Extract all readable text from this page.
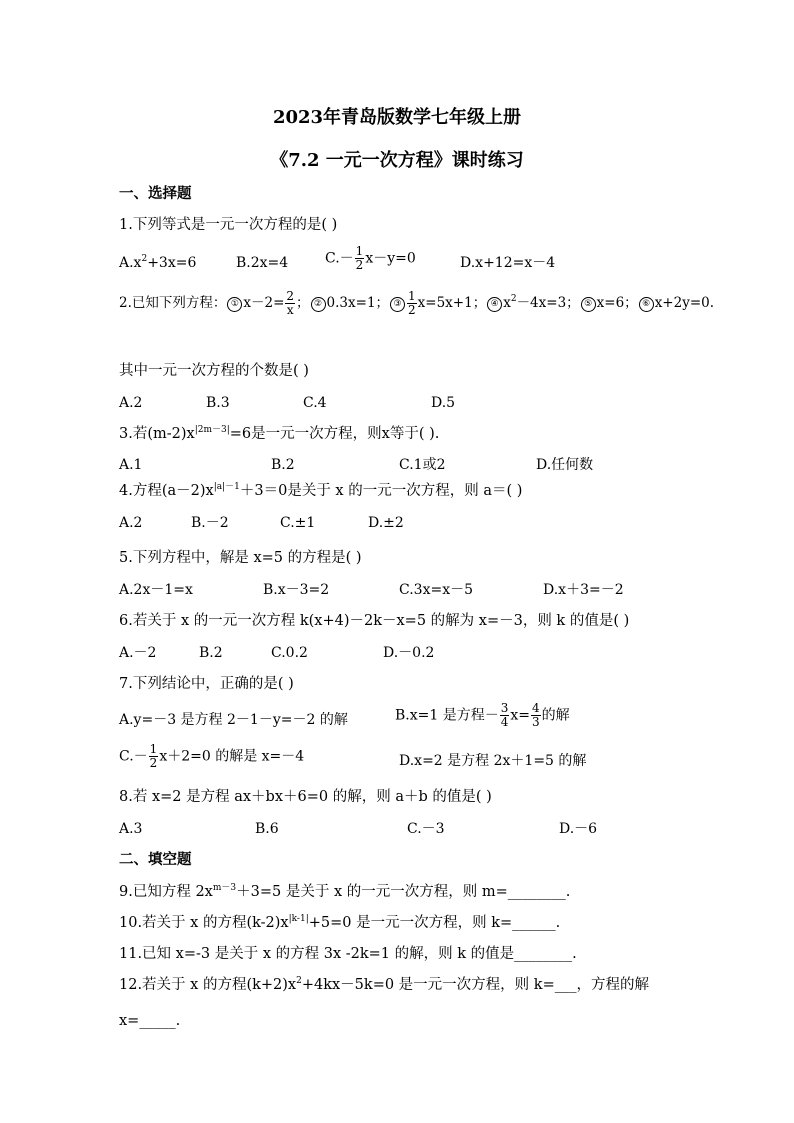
2023年青岛版数学七年级上册
《7.2 一元一次方程》课时练习
一、选择题
1.下列等式是一元一次方程的是( )
$A.x^2+3x=6$	B.2x=4	$C.- \frac{1}{2} x-y=0$	D.x+12=x－4
2.已知下列方程： ① $x-2= \frac{2}{x}$ ； ② 0.3x=1； ③ $\frac{1}{2} x=5x+1$； ④ $x^2-4x=3$； ⑤ x=6； ⑥ x+2y=0.
其中一元一次方程的个数是( )
A.2	B.3	C.4	D.5
3.若$(m-2)x^{|2m-3|}=6$是一元一次方程，则x等于( ).
A.1	B.2	C.1或2	D.任何数
4.方程$(a-2)x^{|a|-1}+3=0$是关于 x 的一元一次方程，则 a＝( )
A.2	B.－2	C.±1	D.±2
5.下列方程中，解是 x=5 的方程是( )
A.2x－1=x	B.x－3=2	C.3x=x－5	D.x＋3=－2
6.若关于 x 的一元一次方程 k(x+4)－2k－x=5 的解为 x=－3，则 k 的值是( )
A.－2	B.2	C.0.2	D.－0.2
7.下列结论中，正确的是( )
A.y=－3 是方程 2－1－y=－2 的解	B.x=1 是方程－ $\frac{3}{4} x= \frac{4}{3}$ 的解
$C.- \frac{1}{2} x+2=0$ 的解是 x=－4	D.x=2 是方程 2x＋1=5 的解
8.若 x=2 是方程 ax＋bx＋6=0 的解，则 a＋b 的值是( )
A.3	B.6	C.－3	D.－6
二、填空题
9.已知方程 $2x^{m-3}+3=5$ 是关于 x 的一元一次方程，则 m=________.
10.若关于 x 的方程$(k-2)x^{|k-1|}+5=0$ 是一元一次方程，则 k=______.
11.已知 x=-3 是关于 x 的方程 3x -2k=1 的解，则 k 的值是________.
12.若关于 x 的方程$(k+2)x^2+4kx-5k=0$ 是一元一次方程，则 k=___，方程的解
x=_____.
